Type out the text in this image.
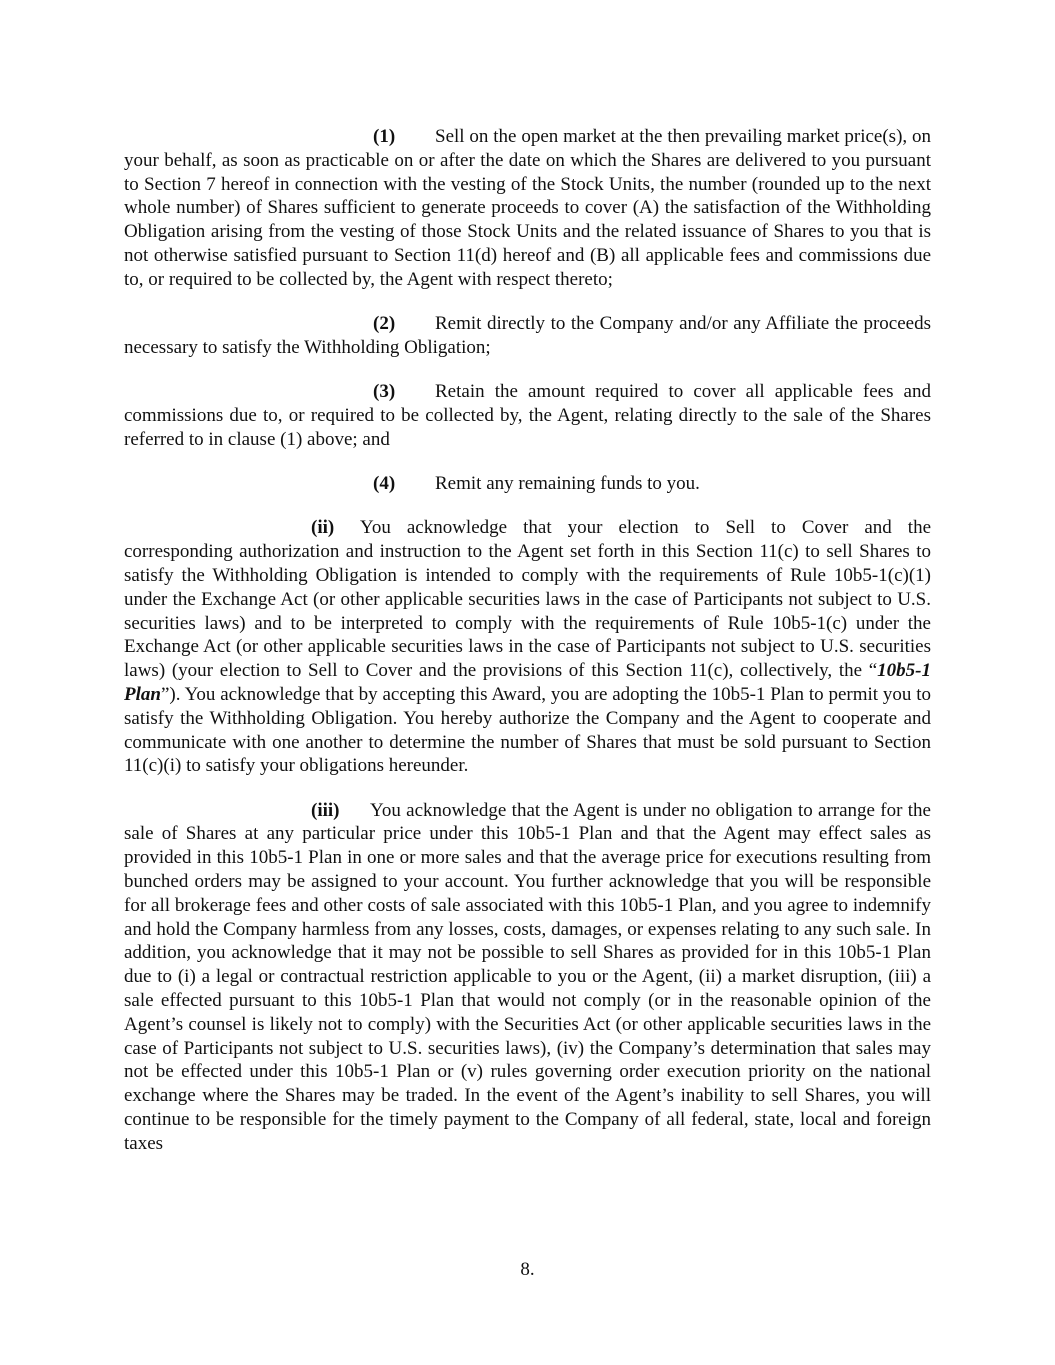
(1) Sell on the open market at the then prevailing market price(s), on your behalf, as soon as practicable on or after the date on which the Shares are delivered to you pursuant to Section 7 hereof in connection with the vesting of the Stock Units, the number (rounded up to the next whole number) of Shares sufficient to generate proceeds to cover (A) the satisfaction of the Withholding Obligation arising from the vesting of those Stock Units and the related issuance of Shares to you that is not otherwise satisfied pursuant to Section 11(d) hereof and (B) all applicable fees and commissions due to, or required to be collected by, the Agent with respect thereto;

(2) Remit directly to the Company and/or any Affiliate the proceeds necessary to satisfy the Withholding Obligation;

(3) Retain the amount required to cover all applicable fees and commissions due to, or required to be collected by, the Agent, relating directly to the sale of the Shares referred to in clause (1) above; and

(4) Remit any remaining funds to you.

(ii) You acknowledge that your election to Sell to Cover and the corresponding authorization and instruction to the Agent set forth in this Section 11(c) to sell Shares to satisfy the Withholding Obligation is intended to comply with the requirements of Rule 10b5-1(c)(1) under the Exchange Act (or other applicable securities laws in the case of Participants not subject to U.S. securities laws) and to be interpreted to comply with the requirements of Rule 10b5-1(c) under the Exchange Act (or other applicable securities laws in the case of Participants not subject to U.S. securities laws) (your election to Sell to Cover and the provisions of this Section 11(c), collectively, the “10b5-1 Plan”). You acknowledge that by accepting this Award, you are adopting the 10b5-1 Plan to permit you to satisfy the Withholding Obligation. You hereby authorize the Company and the Agent to cooperate and communicate with one another to determine the number of Shares that must be sold pursuant to Section 11(c)(i) to satisfy your obligations hereunder.

(iii) You acknowledge that the Agent is under no obligation to arrange for the sale of Shares at any particular price under this 10b5-1 Plan and that the Agent may effect sales as provided in this 10b5-1 Plan in one or more sales and that the average price for executions resulting from bunched orders may be assigned to your account. You further acknowledge that you will be responsible for all brokerage fees and other costs of sale associated with this 10b5-1 Plan, and you agree to indemnify and hold the Company harmless from any losses, costs, damages, or expenses relating to any such sale. In addition, you acknowledge that it may not be possible to sell Shares as provided for in this 10b5-1 Plan due to (i) a legal or contractual restriction applicable to you or the Agent, (ii) a market disruption, (iii) a sale effected pursuant to this 10b5-1 Plan that would not comply (or in the reasonable opinion of the Agent’s counsel is likely not to comply) with the Securities Act (or other applicable securities laws in the case of Participants not subject to U.S. securities laws), (iv) the Company’s determination that sales may not be effected under this 10b5-1 Plan or (v) rules governing order execution priority on the national exchange where the Shares may be traded. In the event of the Agent’s inability to sell Shares, you will continue to be responsible for the timely payment to the Company of all federal, state, local and foreign taxes

8.
